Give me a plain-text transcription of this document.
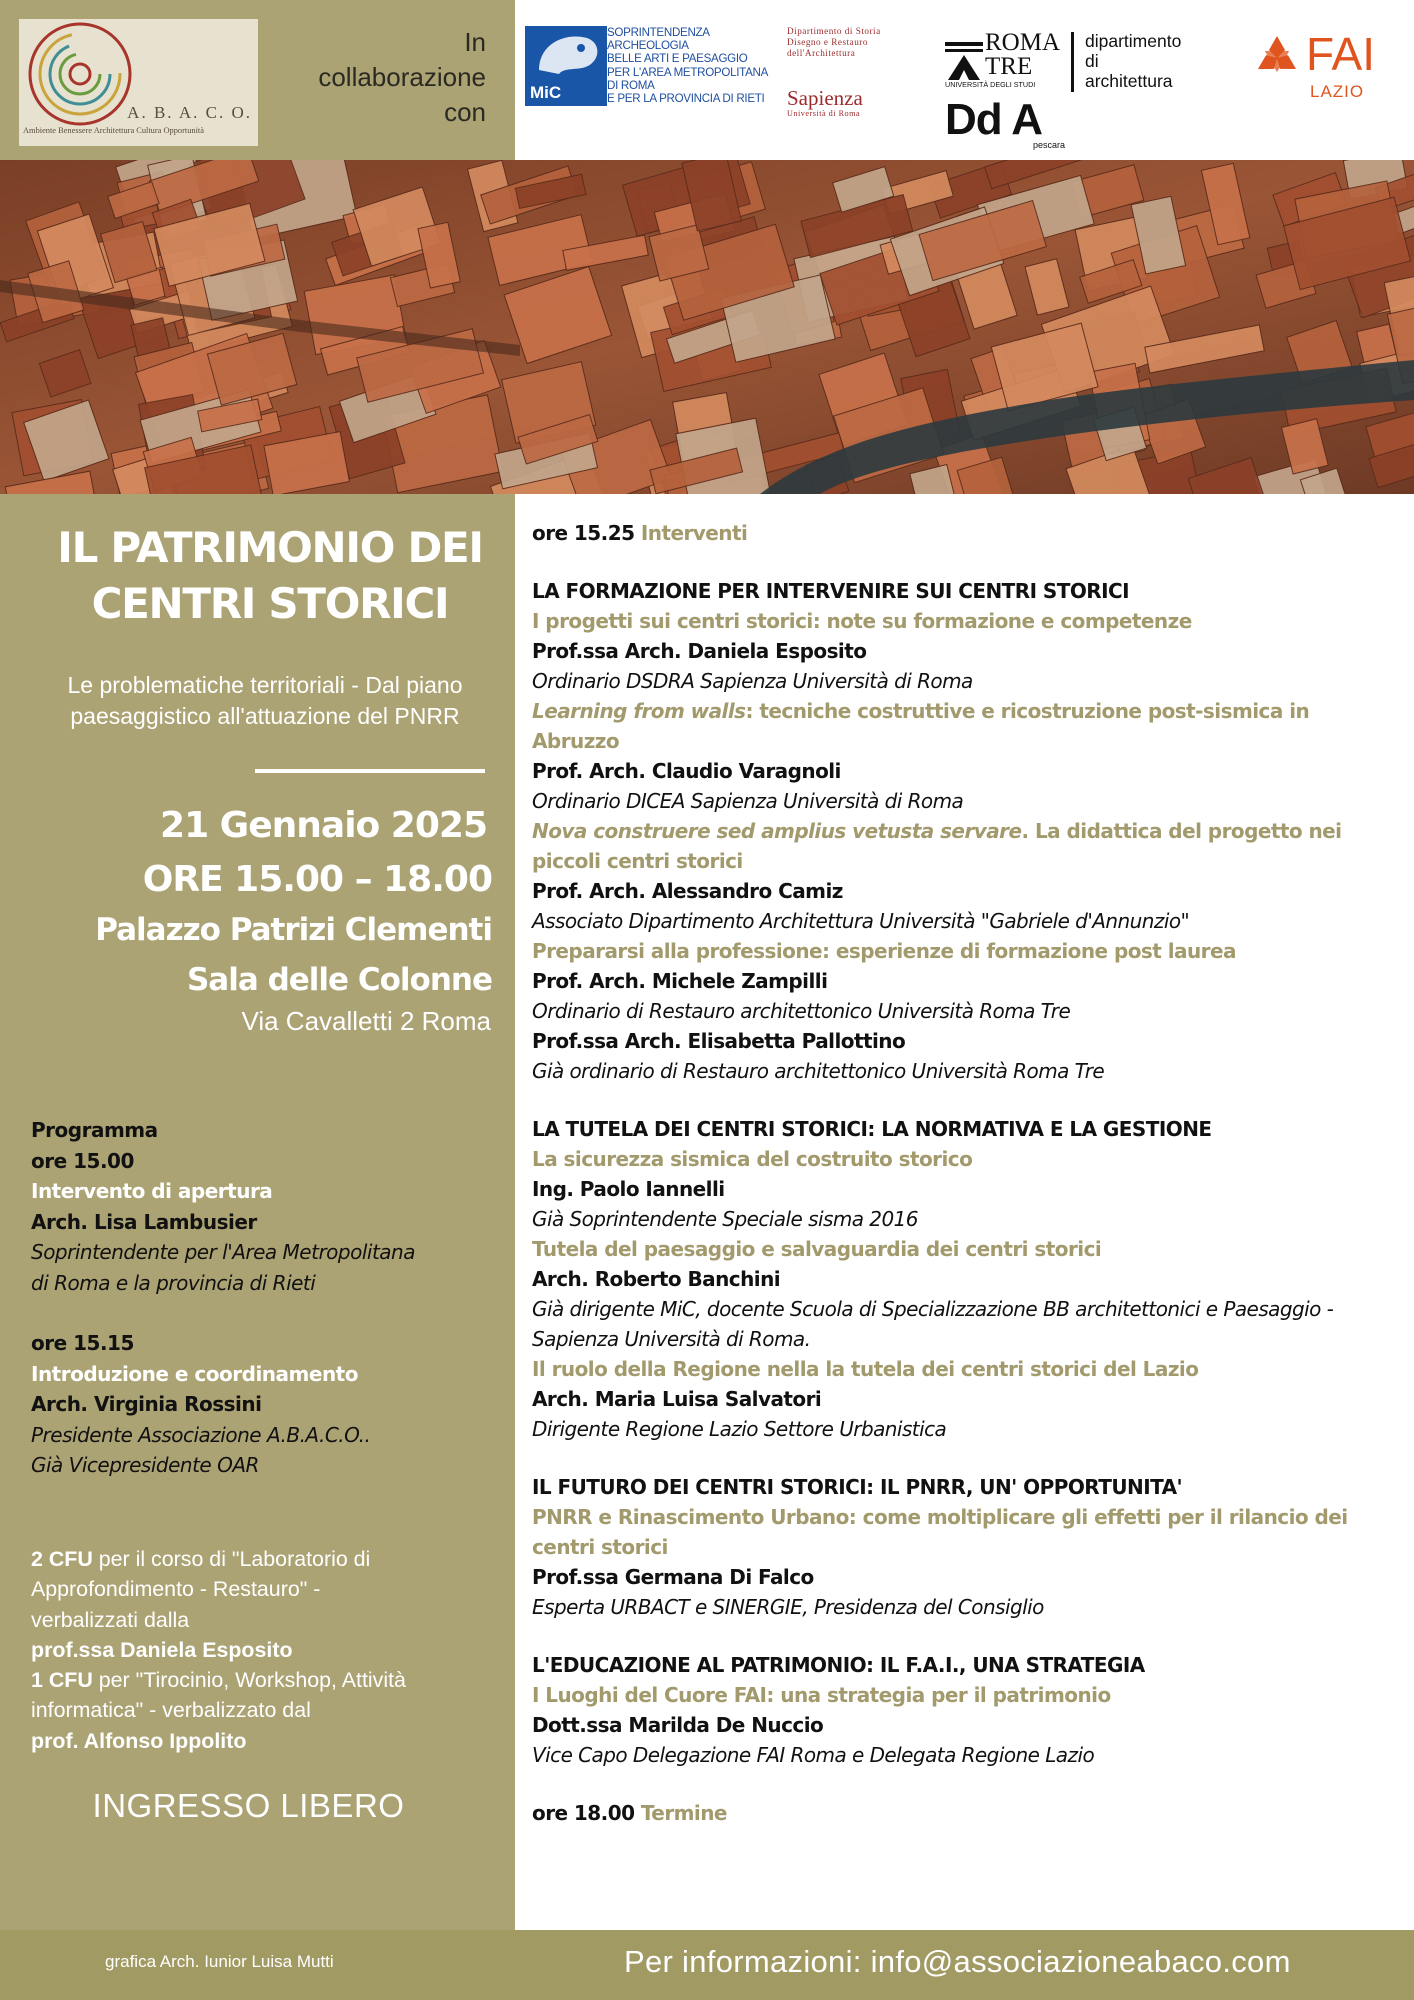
A. B. A. C. O.
Ambiente Benessere Architettura Cultura Opportunità
In
collaborazione
con
MiC
SOPRINTENDENZA ARCHEOLOGIA
BELLE ARTI E PAESAGGIO
PER L'AREA METROPOLITANA DI ROMA
E PER LA PROVINCIA DI RIETI
Dipartimento di Storia
Disegno e Restauro
dell'Architettura
Sapienza
Università di Roma
ROMA
TRE
UNIVERSITÀ DEGLI STUDI
dipartimento
di
architettura
Dd A
pescara
FAI
LAZIO
IL PATRIMONIO DEI
CENTRI STORICI
Le problematiche territoriali - Dal piano
paesaggistico all'attuazione del PNRR
21 Gennaio 2025
ORE 15.00 – 18.00
Palazzo Patrizi Clementi
Sala delle Colonne
Via Cavalletti 2 Roma
Programma
ore 15.00
Intervento di apertura
Arch. Lisa Lambusier
Soprintendente per l'Area Metropolitana
di Roma e la provincia di Rieti
ore 15.15
Introduzione e coordinamento
Arch. Virginia Rossini
Presidente Associazione A.B.A.C.O..
Già Vicepresidente OAR
2 CFU per il corso di "Laboratorio di
Approfondimento - Restauro" -
verbalizzati dalla
prof.ssa Daniela Esposito
1 CFU per "Tirocinio, Workshop, Attività
informatica" - verbalizzato dal
prof. Alfonso Ippolito
INGRESSO LIBERO
ore 15.25 Interventi
LA FORMAZIONE PER INTERVENIRE SUI CENTRI STORICI
I progetti sui centri storici: note su formazione e competenze
Prof.ssa Arch. Daniela Esposito
Ordinario DSDRA Sapienza Università di Roma
Learning from walls: tecniche costruttive e ricostruzione post-sismica in Abruzzo
Prof. Arch. Claudio Varagnoli
Ordinario DICEA Sapienza Università di Roma
Nova construere sed amplius vetusta servare. La didattica del progetto nei piccoli centri storici
Prof. Arch. Alessandro Camiz
Associato Dipartimento Architettura Università "Gabriele d'Annunzio"
Prepararsi alla professione: esperienze di formazione post laurea
Prof. Arch. Michele Zampilli
Ordinario di Restauro architettonico Università Roma Tre
Prof.ssa Arch. Elisabetta Pallottino
Già ordinario di Restauro architettonico Università Roma Tre
LA TUTELA DEI CENTRI STORICI: LA NORMATIVA E LA GESTIONE
La sicurezza sismica del costruito storico
Ing. Paolo Iannelli
Già Soprintendente Speciale sisma 2016
Tutela del paesaggio e salvaguardia dei centri storici
Arch. Roberto Banchini
Già dirigente MiC, docente Scuola di Specializzazione BB architettonici e Paesaggio - Sapienza Università di Roma.
Il ruolo della Regione nella la tutela dei centri storici del Lazio
Arch. Maria Luisa Salvatori
Dirigente Regione Lazio Settore Urbanistica
IL FUTURO DEI CENTRI STORICI: IL PNRR, UN' OPPORTUNITA'
PNRR e Rinascimento Urbano: come moltiplicare gli effetti per il rilancio dei centri storici
Prof.ssa Germana Di Falco
Esperta URBACT e SINERGIE, Presidenza del Consiglio
L'EDUCAZIONE AL PATRIMONIO: IL F.A.I., UNA STRATEGIA
I Luoghi del Cuore FAI: una strategia per il patrimonio
Dott.ssa Marilda De Nuccio
Vice Capo Delegazione FAI Roma e Delegata Regione Lazio
ore 18.00 Termine
grafica Arch. Iunior Luisa Mutti	Per informazioni: info@associazioneabaco.com
